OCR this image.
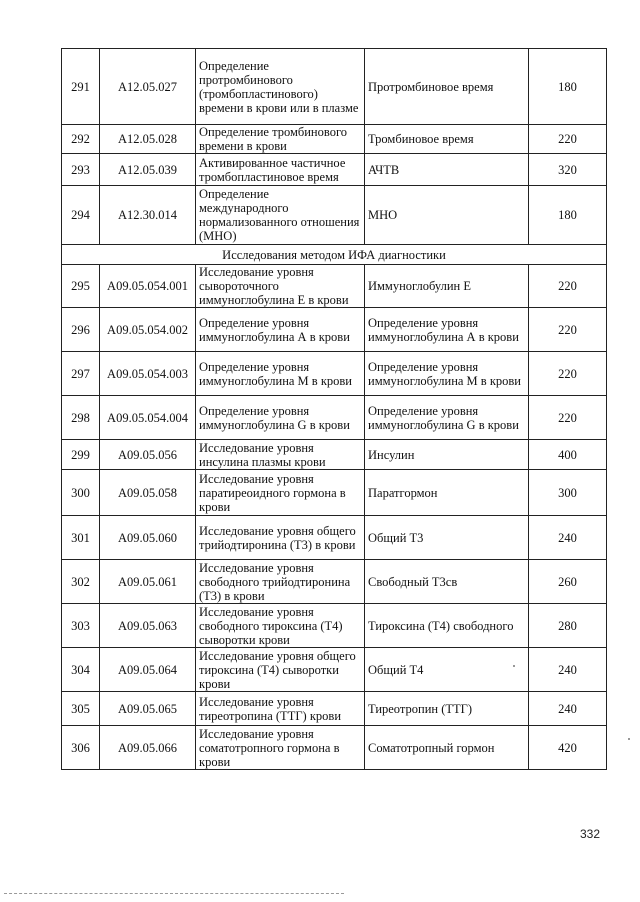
291	A12.05.027	Определение протромбинового (тромбопластинового) времени в крови или в плазме	Протромбиновое время	180
292	A12.05.028	Определение тромбинового времени в крови	Тромбиновое время	220
293	A12.05.039	Активированное частичное тромбопластиновое время	АЧТВ	320
294	A12.30.014	Определение международного нормализованного отношения (МНО)	МНО	180
Исследования методом ИФА диагностики				
295	A09.05.054.001	Исследование уровня сывороточного иммуноглобулина Е в крови	Иммуноглобулин Е	220
296	A09.05.054.002	Определение уровня иммуноглобулина А в крови	Определение уровня иммуноглобулина А в крови	220
297	A09.05.054.003	Определение уровня иммуноглобулина М в крови	Определение уровня иммуноглобулина М в крови	220
298	A09.05.054.004	Определение уровня иммуноглобулина G в крови	Определение уровня иммуноглобулина G в крови	220
299	A09.05.056	Исследование уровня инсулина плазмы крови	Инсулин	400
300	A09.05.058	Исследование уровня паратиреоидного гормона в крови	Паратгормон	300
301	A09.05.060	Исследование уровня общего трийодтиронина (Т3) в крови	Общий Т3	240
302	A09.05.061	Исследование уровня свободного трийодтиронина (Т3) в крови	Свободный Т3св	260
303	A09.05.063	Исследование уровня свободного тироксина (Т4) сыворотки крови	Тироксина (Т4) свободного	280
304	A09.05.064	Исследование уровня общего тироксина (Т4) сыворотки крови	Общий Т4	240
305	A09.05.065	Исследование уровня тиреотропина (ТТГ) крови	Тиреотропин (ТТГ)	240
306	A09.05.066	Исследование уровня соматотропного гормона в крови	Соматотропный гормон	420
332
